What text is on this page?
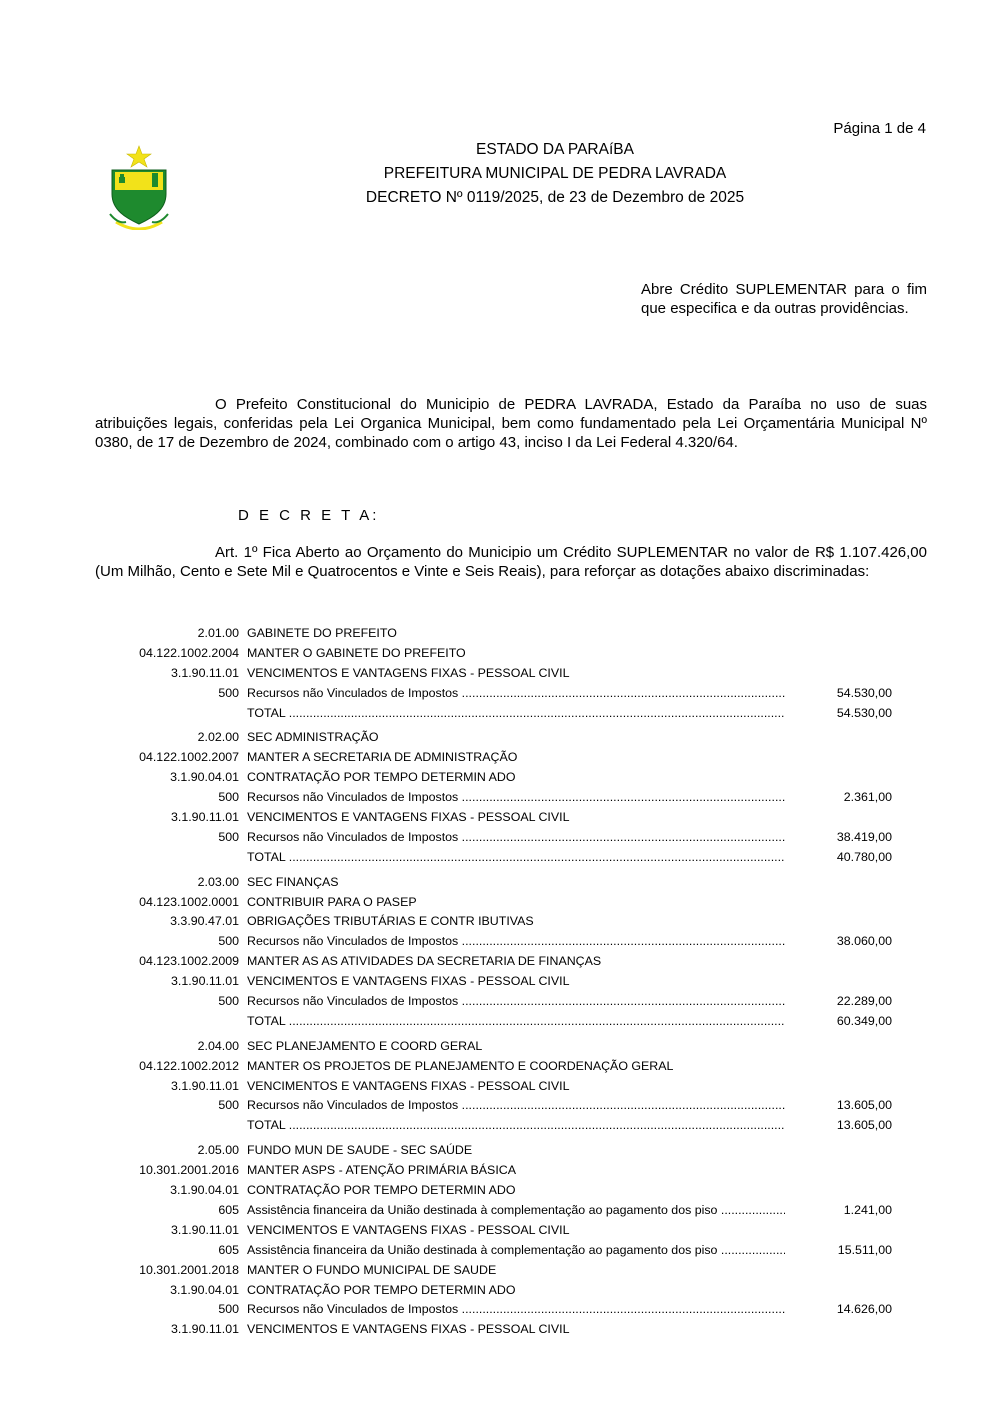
Página 1 de 4
ESTADO DA PARAíBA
PREFEITURA MUNICIPAL DE PEDRA LAVRADA
DECRETO Nº 0119/2025, de 23 de Dezembro de 2025
Abre Crédito SUPLEMENTAR para o fim que especifica e da outras providências.
O Prefeito Constitucional do Municipio de PEDRA LAVRADA, Estado da Paraíba no uso de suas atribuições legais, conferidas pela Lei Organica Municipal, bem como fundamentado pela Lei Orçamentária Municipal Nº 0380, de 17 de Dezembro de 2024, combinado com o artigo 43, inciso I da Lei Federal 4.320/64.
D E C R E T A:
Art. 1º Fica Aberto ao Orçamento do Municipio um Crédito SUPLEMENTAR no valor de R$ 1.107.426,00 (Um Milhão, Cento e Sete Mil e Quatrocentos e Vinte e Seis Reais), para reforçar as dotações abaixo discriminadas:
2.01.00 GABINETE DO PREFEITO
04.122.1002.2004 MANTER O GABINETE DO PREFEITO
3.1.90.11.01 VENCIMENTOS E VANTAGENS FIXAS - PESSOAL CIVIL
500 Recursos não Vinculados de Impostos .....	54.530,00
TOTAL .....	54.530,00
2.02.00 SEC ADMINISTRAÇÃO
04.122.1002.2007 MANTER A SECRETARIA DE ADMINISTRAÇÃO
3.1.90.04.01 CONTRATAÇÃO POR TEMPO DETERMIN ADO
500 Recursos não Vinculados de Impostos .....	2.361,00
3.1.90.11.01 VENCIMENTOS E VANTAGENS FIXAS - PESSOAL CIVIL
500 Recursos não Vinculados de Impostos .....	38.419,00
TOTAL .....	40.780,00
2.03.00 SEC FINANÇAS
04.123.1002.0001 CONTRIBUIR PARA O PASEP
3.3.90.47.01 OBRIGAÇÕES TRIBUTÁRIAS E CONTR IBUTIVAS
500 Recursos não Vinculados de Impostos .....	38.060,00
04.123.1002.2009 MANTER AS AS ATIVIDADES DA SECRETARIA DE FINANÇAS
3.1.90.11.01 VENCIMENTOS E VANTAGENS FIXAS - PESSOAL CIVIL
500 Recursos não Vinculados de Impostos .....	22.289,00
TOTAL .....	60.349,00
2.04.00 SEC PLANEJAMENTO E COORD GERAL
04.122.1002.2012 MANTER OS PROJETOS DE PLANEJAMENTO E COORDENAÇÃO GERAL
3.1.90.11.01 VENCIMENTOS E VANTAGENS FIXAS - PESSOAL CIVIL
500 Recursos não Vinculados de Impostos .....	13.605,00
TOTAL .....	13.605,00
2.05.00 FUNDO MUN DE SAUDE - SEC SAÚDE
10.301.2001.2016 MANTER ASPS - ATENÇÃO PRIMÁRIA BÁSICA
3.1.90.04.01 CONTRATAÇÃO POR TEMPO DETERMIN ADO
605 Assistência financeira da União destinada à complementação ao pagamento dos piso .....	1.241,00
3.1.90.11.01 VENCIMENTOS E VANTAGENS FIXAS - PESSOAL CIVIL
605 Assistência financeira da União destinada à complementação ao pagamento dos piso .....	15.511,00
10.301.2001.2018 MANTER O FUNDO MUNICIPAL DE SAUDE
3.1.90.04.01 CONTRATAÇÃO POR TEMPO DETERMIN ADO
500 Recursos não Vinculados de Impostos .....	14.626,00
3.1.90.11.01 VENCIMENTOS E VANTAGENS FIXAS - PESSOAL CIVIL
